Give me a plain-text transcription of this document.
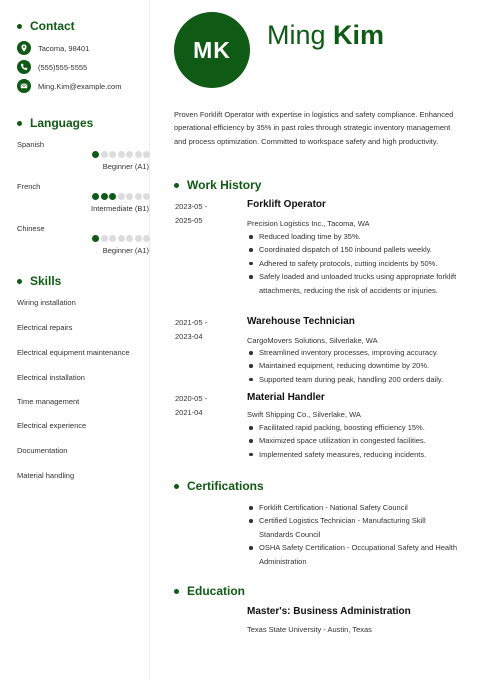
Contact
Tacoma, 98401
(555)555-5555
Ming.Kim@example.com
Languages
Spanish
Beginner (A1)
French
Intermediate (B1)
Chinese
Beginner (A1)
Skills
Wiring installation
Electrical repairs
Electrical equipment maintenance
Electrical installation
Time management
Electrical experience
Documentation
Material handling
MK	Ming Kim
Proven Forklift Operator with expertise in logistics and safety compliance. Enhanced operational efficiency by 35% in past roles through strategic inventory management and process optimization. Committed to workspace safety and high productivity.
Work History
2023-05 -
2025-05
Forklift Operator
Precision Logistics Inc., Tacoma, WA
Reduced loading time by 35%.
Coordinated dispatch of 150 inbound pallets weekly.
Adhered to safety protocols, cutting incidents by 50%.
Safely loaded and unloaded trucks using appropriate forklift attachments, reducing the risk of accidents or injuries.
2021-05 -
2023-04
Warehouse Technician
CargoMovers Solutions, Silverlake, WA
Streamlined inventory processes, improving accuracy.
Maintained equipment, reducing downtime by 20%.
Supported team during peak, handling 200 orders daily.
2020-05 -
2021-04
Material Handler
Swift Shipping Co., Silverlake, WA
Facilitated rapid packing, boosting efficiency 15%.
Maximized space utilization in congested facilities.
Implemented safety measures, reducing incidents.
Certifications
Forklift Certification - National Safety Council
Certified Logistics Technician - Manufacturing Skill Standards Council
OSHA Safety Certification - Occupational Safety and Health Administration
Education
Master's: Business Administration
Texas State University - Austin, Texas
